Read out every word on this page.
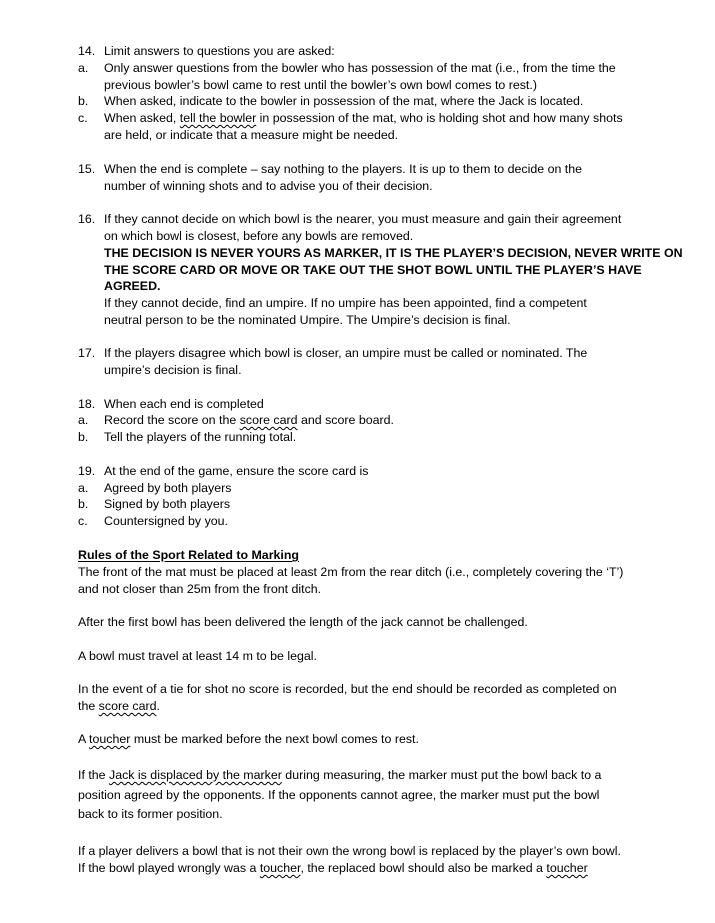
14. Limit answers to questions you are asked:
a. Only answer questions from the bowler who has possession of the mat (i.e., from the time the
previous bowler’s bowl came to rest until the bowler’s own bowl comes to rest.)
b. When asked, indicate to the bowler in possession of the mat, where the Jack is located.
c. When asked, tell the bowler in possession of the mat, who is holding shot and how many shots
are held, or indicate that a measure might be needed.
15. When the end is complete – say nothing to the players. It is up to them to decide on the
number of winning shots and to advise you of their decision.
16. If they cannot decide on which bowl is the nearer, you must measure and gain their agreement
on which bowl is closest, before any bowls are removed.
THE DECISION IS NEVER YOURS AS MARKER, IT IS THE PLAYER’S DECISION, NEVER WRITE ON
THE SCORE CARD OR MOVE OR TAKE OUT THE SHOT BOWL UNTIL THE PLAYER’S HAVE
AGREED.
If they cannot decide, find an umpire. If no umpire has been appointed, find a competent
neutral person to be the nominated Umpire. The Umpire’s decision is final.
17. If the players disagree which bowl is closer, an umpire must be called or nominated. The
umpire’s decision is final.
18. When each end is completed
a. Record the score on the score card and score board.
b. Tell the players of the running total.
19. At the end of the game, ensure the score card is
a. Agreed by both players
b. Signed by both players
c. Countersigned by you.
Rules of the Sport Related to Marking
The front of the mat must be placed at least 2m from the rear ditch (i.e., completely covering the ‘T’)
and not closer than 25m from the front ditch.
After the first bowl has been delivered the length of the jack cannot be challenged.
A bowl must travel at least 14 m to be legal.
In the event of a tie for shot no score is recorded, but the end should be recorded as completed on
the score card.
A toucher must be marked before the next bowl comes to rest.
If the Jack is displaced by the marker during measuring, the marker must put the bowl back to a
position agreed by the opponents. If the opponents cannot agree, the marker must put the bowl
back to its former position.
If a player delivers a bowl that is not their own the wrong bowl is replaced by the player’s own bowl.
If the bowl played wrongly was a toucher, the replaced bowl should also be marked a toucher
